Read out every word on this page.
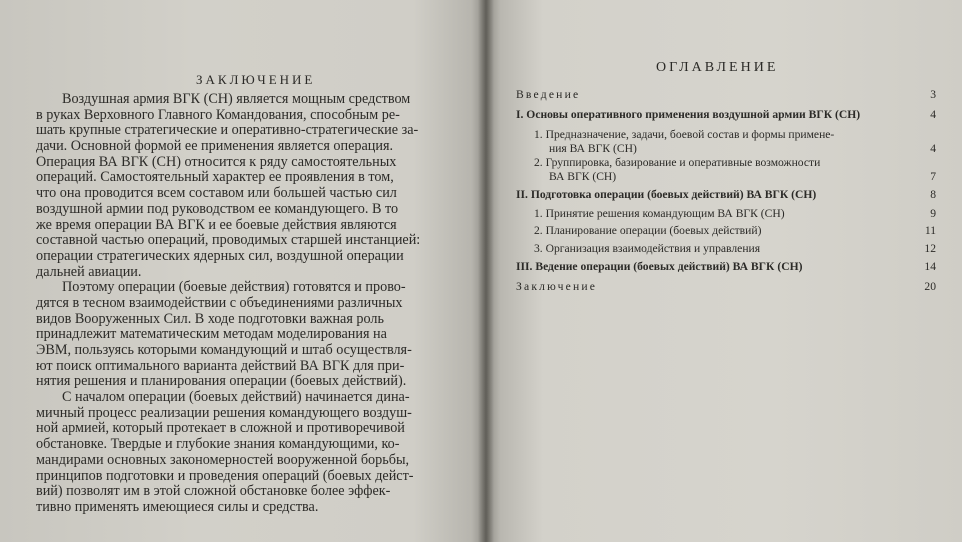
ЗАКЛЮЧЕНИЕ
Воздушная армия ВГК (СН) является мощным средством
в руках Верховного Главного Командования, способным ре-
шать крупные стратегические и оперативно-стратегические за-
дачи. Основной формой ее применения является операция.
Операция ВА ВГК (СН) относится к ряду самостоятельных
операций. Самостоятельный характер ее проявления в том,
что она проводится всем составом или большей частью сил
воздушной армии под руководством ее командующего. В то
же время операции ВА ВГК и ее боевые действия являются
составной частью операций, проводимых старшей инстанцией:
операции стратегических ядерных сил, воздушной операции
дальней авиации.
Поэтому операции (боевые действия) готовятся и прово-
дятся в тесном взаимодействии с объединениями различных
видов Вооруженных Сил. В ходе подготовки важная роль
принадлежит математическим методам моделирования на
ЭВМ, пользуясь которыми командующий и штаб осуществля-
ют поиск оптимального варианта действий ВА ВГК для при-
нятия решения и планирования операции (боевых действий).
С началом операции (боевых действий) начинается дина-
мичный процесс реализации решения командующего воздуш-
ной армией, который протекает в сложной и противоречивой
обстановке. Твердые и глубокие знания командующими, ко-
мандирами основных закономерностей вооруженной борьбы,
принципов подготовки и проведения операций (боевых дейст-
вий) позволят им в этой сложной обстановке более эффек-
тивно применять имеющиеся силы и средства.
ОГЛАВЛЕНИЕ
Введение	3
I. Основы оперативного применения воздушной армии ВГК (СН)	4
1. Предназначение, задачи, боевой состав и формы примене-
ния ВА ВГК (СН)	4
2. Группировка, базирование и оперативные возможности
ВА ВГК (СН)	7
II. Подготовка операции (боевых действий) ВА ВГК (СН)	8
1. Принятие решения командующим ВА ВГК (СН)	9
2. Планирование операции (боевых действий)	11
3. Организация взаимодействия и управления	12
III. Ведение операции (боевых действий) ВА ВГК (СН)	14
Заключение	20
